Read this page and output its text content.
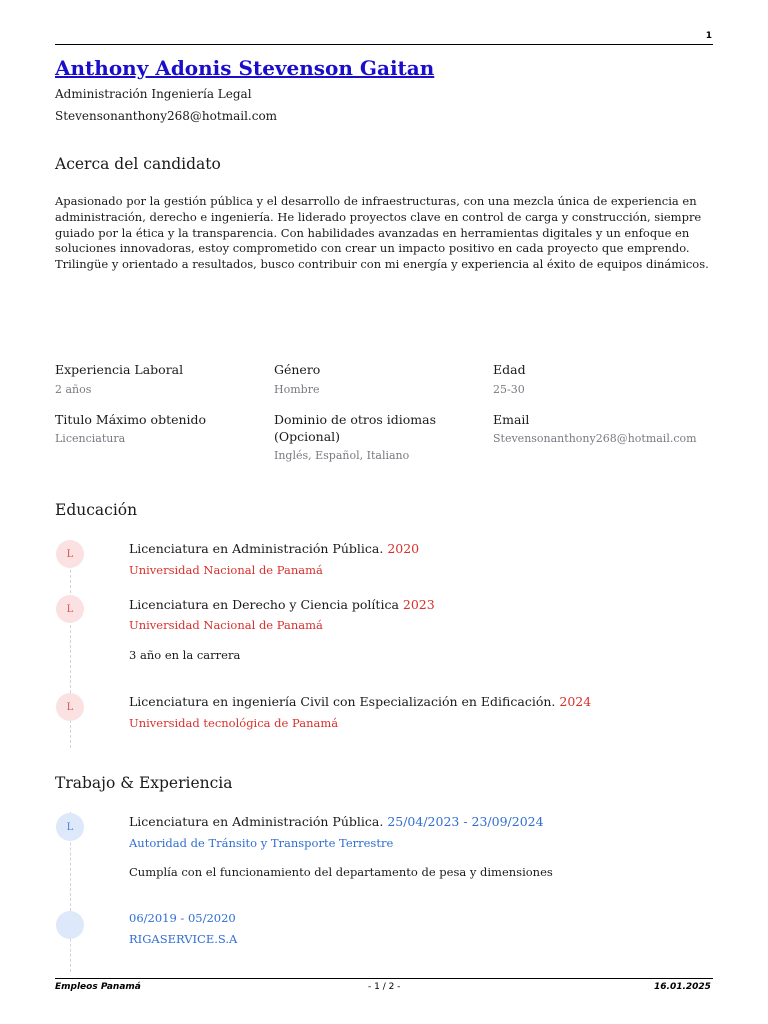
1
Anthony Adonis Stevenson Gaitan
Administración Ingeniería Legal
Stevensonanthony268@hotmail.com
Acerca del candidato
Apasionado por la gestión pública y el desarrollo de infraestructuras, con una mezcla única de experiencia en administración, derecho e ingeniería. He liderado proyectos clave en control de carga y construcción, siempre guiado por la ética y la transparencia. Con habilidades avanzadas en herramientas digitales y un enfoque en soluciones innovadoras, estoy comprometido con crear un impacto positivo en cada proyecto que emprendo. Trilingüe y orientado a resultados, busco contribuir con mi energía y experiencia al éxito de equipos dinámicos.
Experiencia Laboral
2 años
Género
Hombre
Edad
25-30
Titulo Máximo obtenido
Licenciatura
Dominio de otros idiomas (Opcional)
Inglés, Español, Italiano
Email
Stevensonanthony268@hotmail.com
Educación
L	Licenciatura en Administración Pública. 2020
Universidad Nacional de Panamá
L	Licenciatura en Derecho y Ciencia política 2023
Universidad Nacional de Panamá
3 año en la carrera
L	Licenciatura en ingeniería Civil con Especialización en Edificación. 2024
Universidad tecnológica de Panamá
Trabajo & Experiencia
L	Licenciatura en Administración Pública. 25/04/2023 - 23/09/2024
Autoridad de Tránsito y Transporte Terrestre
Cumplía con el funcionamiento del departamento de pesa y dimensiones
06/2019 - 05/2020
RIGASERVICE.S.A
Empleos Panamá	- 1 / 2 -	16.01.2025
